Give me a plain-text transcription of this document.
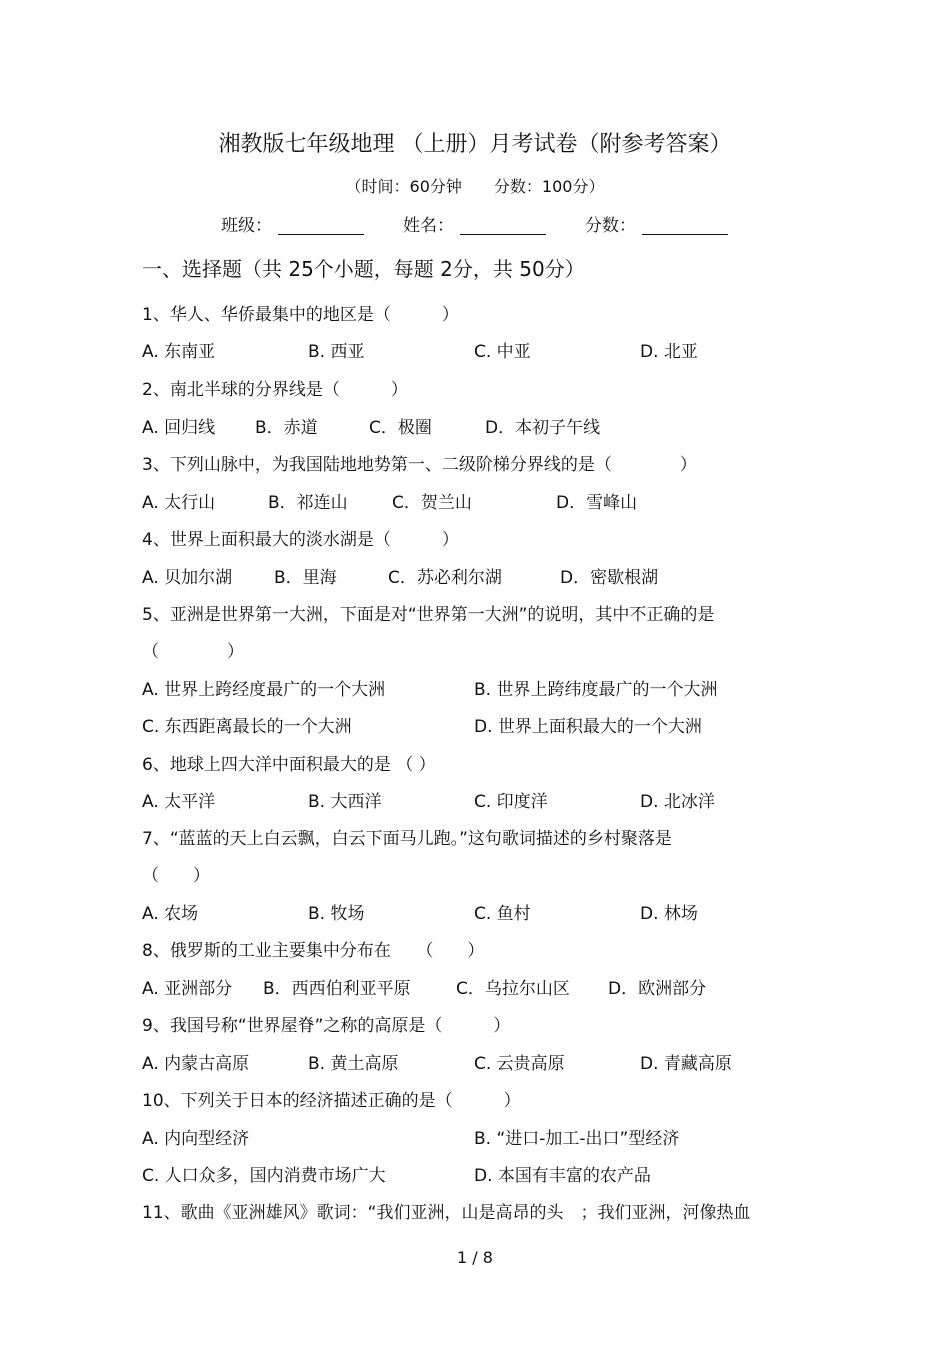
湘教版七年级地理 （上册）月考试卷（附参考答案）
（时间：60分钟　　分数：100分）
班级：	姓名：	分数：
一、选择题（共 25个小题，每题 2分，共 50分）
1、华人、华侨最集中的地区是（　　　）
A. 东南亚	B. 西亚	C. 中亚	D. 北亚
2、南北半球的分界线是（　　　）
A. 回归线 B．赤道	C．极圈	D．本初子午线
3、下列山脉中，为我国陆地地势第一、二级阶梯分界线的是（　　　　）
A. 太行山	B．祁连山	C．贺兰山	D．雪峰山
4、世界上面积最大的淡水湖是（　　　）
A. 贝加尔湖 B．里海	C．苏必利尔湖	D．密歇根湖
5、亚洲是世界第一大洲，下面是对“世界第一大洲”的说明，其中不正确的是
（　　　　）
A. 世界上跨经度最广的一个大洲	B. 世界上跨纬度最广的一个大洲
C. 东西距离最长的一个大洲	D. 世界上面积最大的一个大洲
6、地球上四大洋中面积最大的是 （ ）
A. 太平洋	B. 大西洋	C. 印度洋	D. 北冰洋
7、“蓝蓝的天上白云飘，白云下面马儿跑。”这句歌词描述的乡村聚落是
（　　）
A. 农场	B. 牧场	C. 鱼村	D. 林场
8、俄罗斯的工业主要集中分布在　　（　　）
A. 亚洲部分 B．西西伯利亚平原	C．乌拉尔山区 D．欧洲部分
9、我国号称“世界屋脊”之称的高原是（　　　）
A. 内蒙古高原	B. 黄土高原	C. 云贵高原	D. 青藏高原
10、下列关于日本的经济描述正确的是（　　　）
A. 内向型经济	B. “进口-加工-出口”型经济
C. 人口众多，国内消费市场广大	D. 本国有丰富的农产品
11、歌曲《亚洲雄风》歌词：“我们亚洲，山是高昂的头　；我们亚洲，河像热血
1 / 8
